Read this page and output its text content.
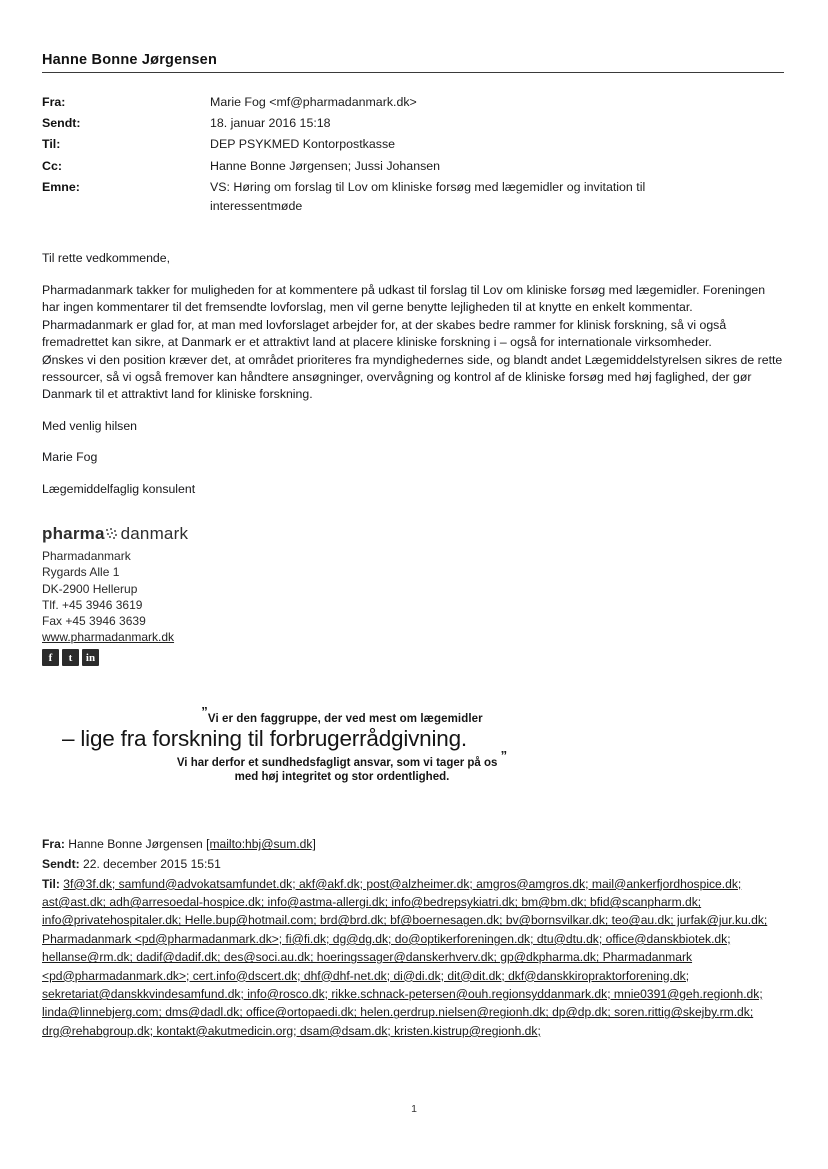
Hanne Bonne Jørgensen
Fra:	Marie Fog <mf@pharmadanmark.dk>
Sendt:	18. januar 2016 15:18
Til:	DEP PSYKMED Kontorpostkasse
Cc:	Hanne Bonne Jørgensen; Jussi Johansen
Emne:	VS: Høring om forslag til Lov om kliniske forsøg med lægemidler og invitation til
interessentmøde

Til rette vedkommende,

Pharmadanmark takker for muligheden for at kommentere på udkast til forslag til Lov om kliniske forsøg med lægemidler. Foreningen har ingen kommentarer til det fremsendte lovforslag, men vil gerne benytte lejligheden til at knytte en enkelt kommentar.

Pharmadanmark er glad for, at man med lovforslaget arbejder for, at der skabes bedre rammer for klinisk forskning, så vi også fremadrettet kan sikre, at Danmark er et attraktivt land at placere kliniske forskning i – også for internationale virksomheder.

Ønskes vi den position kræver det, at området prioriteres fra myndighedernes side, og blandt andet Lægemiddelstyrelsen sikres de rette ressourcer, så vi også fremover kan håndtere ansøgninger, overvågning og kontrol af de kliniske forsøg med høj faglighed, der gør Danmark til et attraktivt land for kliniske forskning.

Med venlig hilsen

Marie Fog

Lægemiddelfaglig konsulent

pharma danmark
Pharmadanmark
Rygards Alle 1
DK-2900 Hellerup
Tlf. +45 3946 3619
Fax +45 3946 3639
www.pharmadanmark.dk
f	t	in
”Vi er den faggruppe, der ved mest om lægemidler
– lige fra forskning til forbrugerrådgivning.
Vi har derfor et sundhedsfagligt ansvar, som vi tager på os ”
med høj integritet og stor ordentlighed.
Fra: Hanne Bonne Jørgensen [mailto:hbj@sum.dk]
Sendt: 22. december 2015 15:51
Til: 3f@3f.dk; samfund@advokatsamfundet.dk; akf@akf.dk; post@alzheimer.dk; amgros@amgros.dk; mail@ankerfjordhospice.dk; ast@ast.dk; adh@arresoedal-hospice.dk; info@astma-allergi.dk; info@bedrepsykiatri.dk; bm@bm.dk; bfid@scanpharm.dk; info@privatehospitaler.dk; Helle.bup@hotmail.com; brd@brd.dk; bf@boernesagen.dk; bv@bornsvilkar.dk; teo@au.dk; jurfak@jur.ku.dk; Pharmadanmark <pd@pharmadanmark.dk>; fi@fi.dk; dg@dg.dk; do@optikerforeningen.dk; dtu@dtu.dk; office@danskbiotek.dk; hellanse@rm.dk; dadif@dadif.dk; des@soci.au.dk; hoeringssager@danskerhverv.dk; gp@dkpharma.dk; Pharmadanmark <pd@pharmadanmark.dk>; cert.info@dscert.dk; dhf@dhf-net.dk; di@di.dk; dit@dit.dk; dkf@danskkiropraktorforening.dk; sekretariat@danskkvindesamfund.dk; info@rosco.dk; rikke.schnack-petersen@ouh.regionsyddanmark.dk; mnie0391@geh.regionh.dk; linda@linnebjerg.com; dms@dadl.dk; office@ortopaedi.dk; helen.gerdrup.nielsen@regionh.dk; dp@dp.dk; soren.rittig@skejby.rm.dk; drg@rehabgroup.dk; kontakt@akutmedicin.org; dsam@dsam.dk; kristen.kistrup@regionh.dk;
1
